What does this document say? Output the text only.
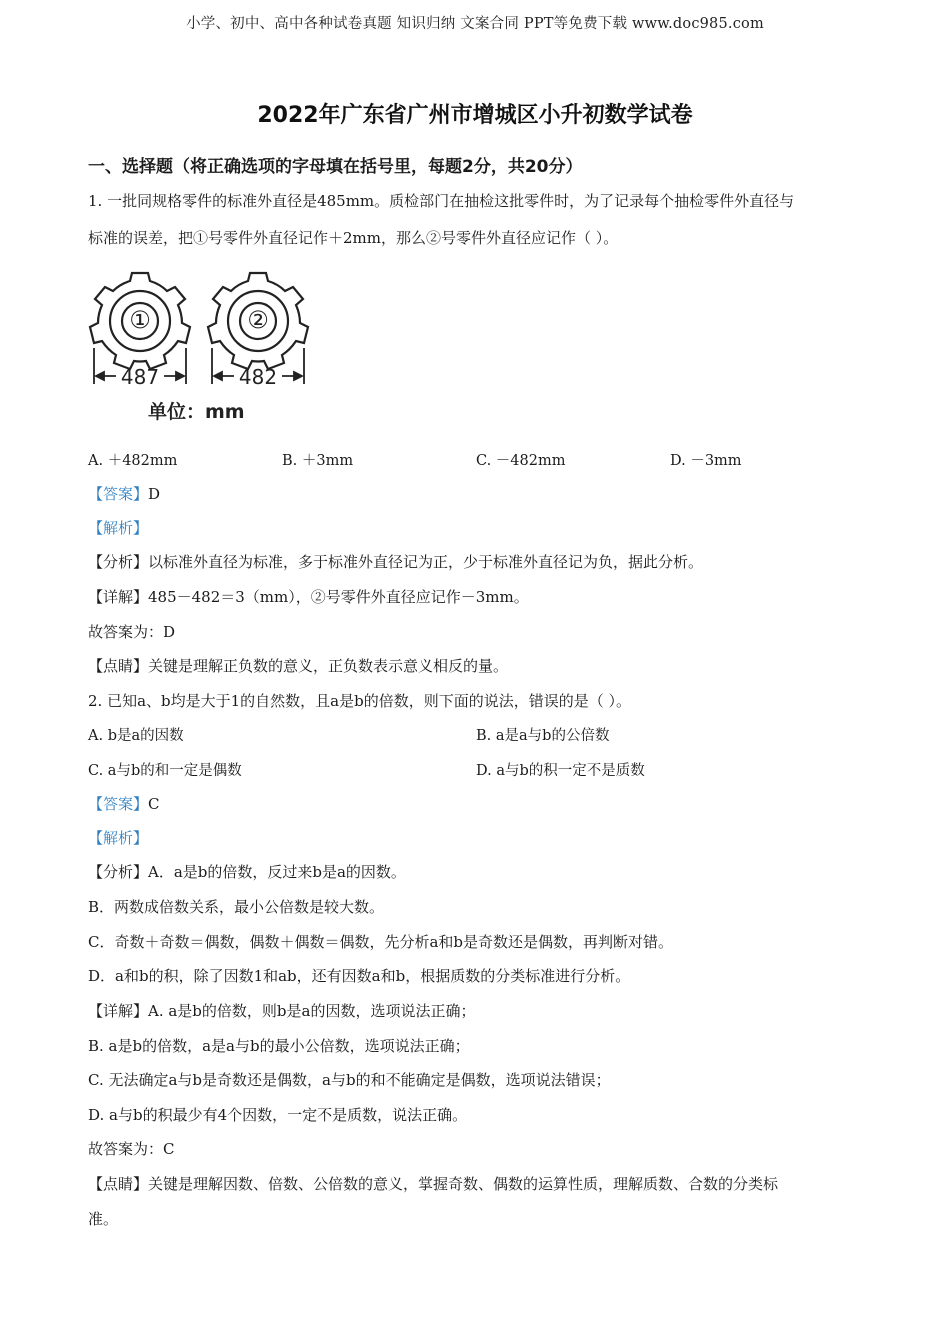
小学、初中、高中各种试卷真题 知识归纳 文案合同 PPT等免费下载 www.doc985.com
2022年广东省广州市增城区小升初数学试卷
一、选择题（将正确选项的字母填在括号里，每题2分，共20分）
1. 一批同规格零件的标准外直径是485mm。质检部门在抽检这批零件时，为了记录每个抽检零件外直径与
标准的误差，把①号零件外直径记作＋2mm，那么②号零件外直径应记作（ ）。
①	②
487	482
单位：mm
A. ＋482mm	B. ＋3mm	C. －482mm	D. －3mm
【答案】D
【解析】
【分析】以标准外直径为标准，多于标准外直径记为正，少于标准外直径记为负，据此分析。
【详解】485－482＝3（mm），②号零件外直径应记作－3mm。
故答案为：D
【点睛】关键是理解正负数的意义，正负数表示意义相反的量。
2. 已知a、b均是大于1的自然数，且a是b的倍数，则下面的说法，错误的是（ ）。
A. b是a的因数	B. a是a与b的公倍数
C. a与b的和一定是偶数	D. a与b的积一定不是质数
【答案】C
【解析】
【分析】A．a是b的倍数，反过来b是a的因数。
B．两数成倍数关系，最小公倍数是较大数。
C．奇数＋奇数＝偶数，偶数＋偶数＝偶数，先分析a和b是奇数还是偶数，再判断对错。
D．a和b的积，除了因数1和ab，还有因数a和b，根据质数的分类标准进行分析。
【详解】A. a是b的倍数，则b是a的因数，选项说法正确；
B. a是b的倍数，a是a与b的最小公倍数，选项说法正确；
C. 无法确定a与b是奇数还是偶数，a与b的和不能确定是偶数，选项说法错误；
D. a与b的积最少有4个因数，一定不是质数，说法正确。
故答案为：C
【点睛】关键是理解因数、倍数、公倍数的意义，掌握奇数、偶数的运算性质，理解质数、合数的分类标
准。
